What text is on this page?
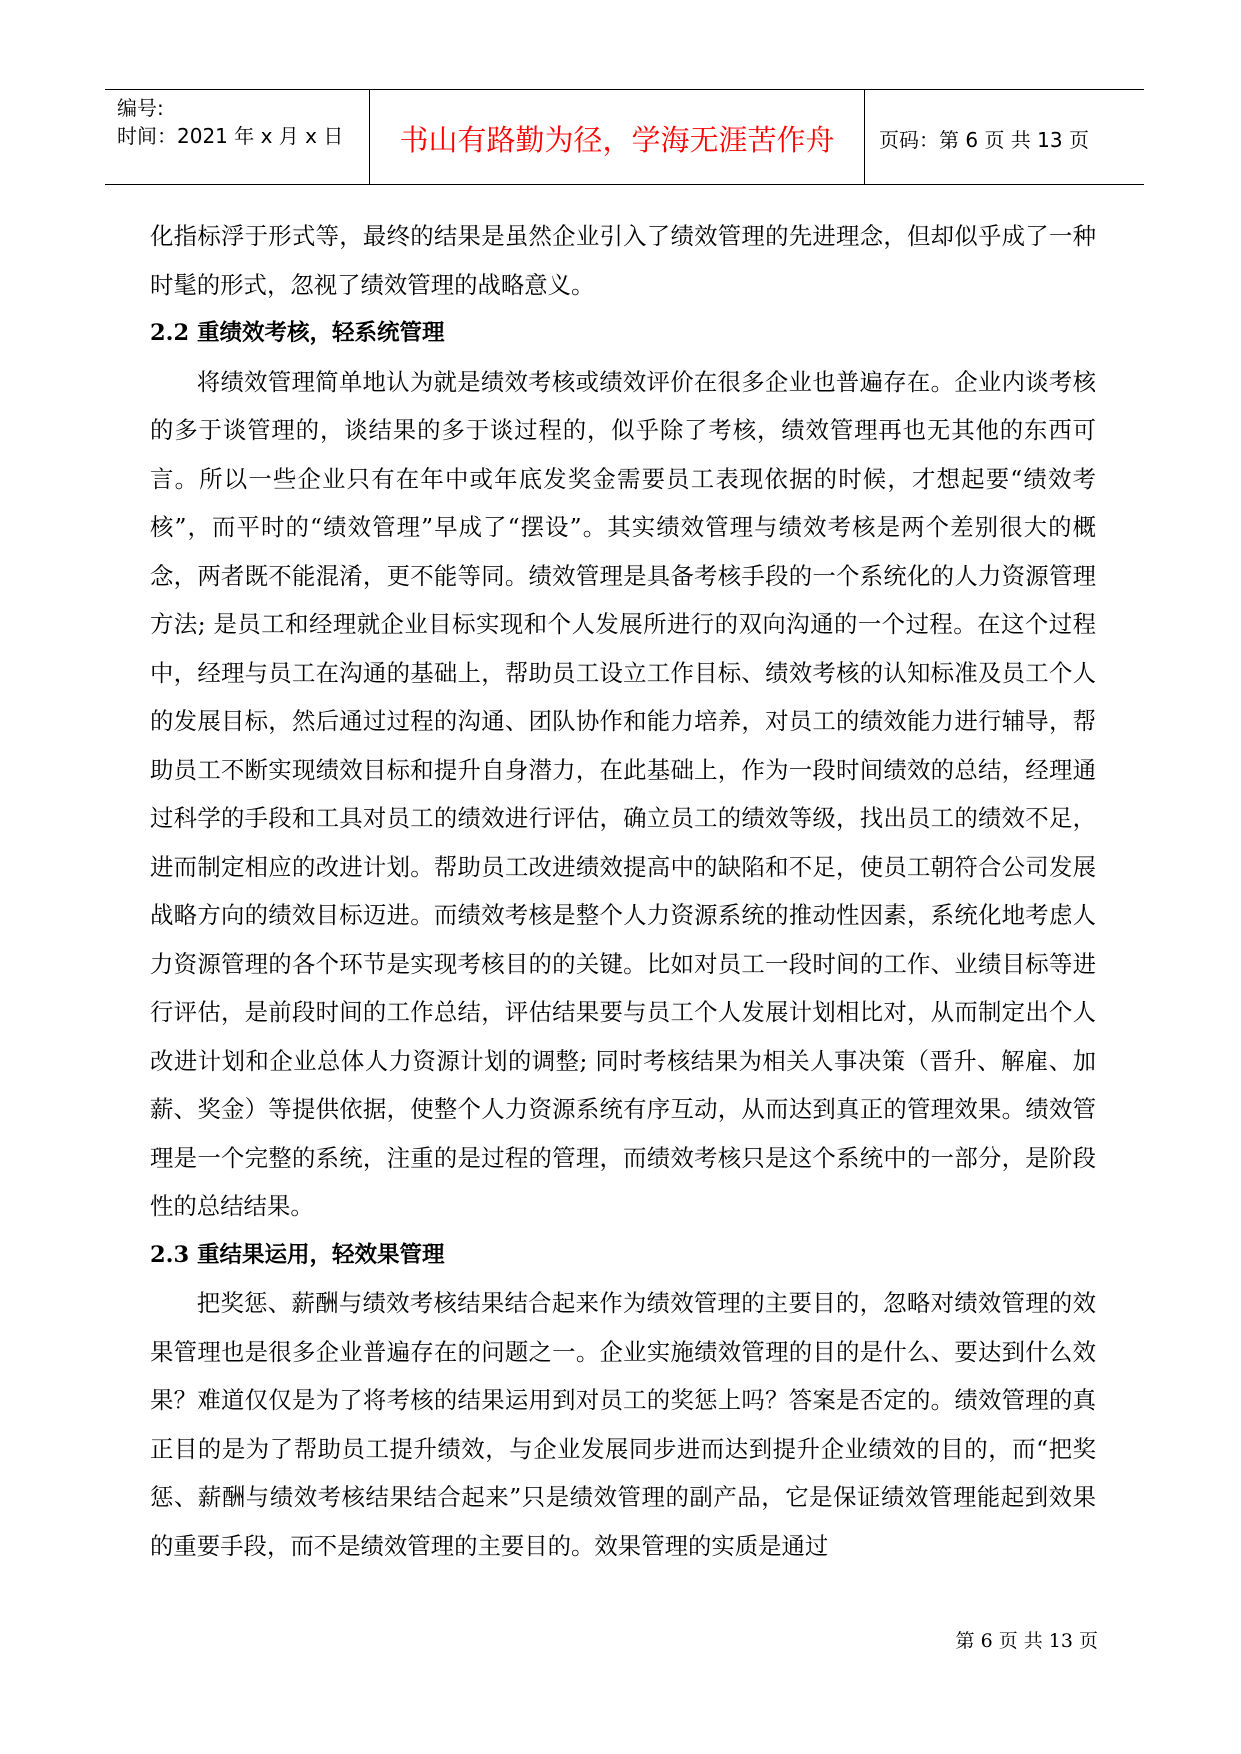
编号:
时间：2021 年 x 月 x 日	书山有路勤为径，学海无涯苦作舟	页码：第 6 页 共 13 页

化指标浮于形式等，最终的结果是虽然企业引入了绩效管理的先进理念，但却似乎成了一种时髦的形式，忽视了绩效管理的战略意义。

2.2 重绩效考核，轻系统管理

将绩效管理简单地认为就是绩效考核或绩效评价在很多企业也普遍存在。企业内谈考核的多于谈管理的，谈结果的多于谈过程的，似乎除了考核，绩效管理再也无其他的东西可言。所以一些企业只有在年中或年底发奖金需要员工表现依据的时候，才想起要“绩效考核”，而平时的“绩效管理”早成了“摆设”。其实绩效管理与绩效考核是两个差别很大的概念，两者既不能混淆，更不能等同。绩效管理是具备考核手段的一个系统化的人力资源管理方法; 是员工和经理就企业目标实现和个人发展所进行的双向沟通的一个过程。在这个过程中，经理与员工在沟通的基础上，帮助员工设立工作目标、绩效考核的认知标准及员工个人的发展目标，然后通过过程的沟通、团队协作和能力培养，对员工的绩效能力进行辅导，帮助员工不断实现绩效目标和提升自身潜力，在此基础上，作为一段时间绩效的总结，经理通过科学的手段和工具对员工的绩效进行评估，确立员工的绩效等级，找出员工的绩效不足，进而制定相应的改进计划。帮助员工改进绩效提高中的缺陷和不足，使员工朝符合公司发展战略方向的绩效目标迈进。而绩效考核是整个人力资源系统的推动性因素，系统化地考虑人力资源管理的各个环节是实现考核目的的关键。比如对员工一段时间的工作、业绩目标等进行评估，是前段时间的工作总结，评估结果要与员工个人发展计划相比对，从而制定出个人改进计划和企业总体人力资源计划的调整; 同时考核结果为相关人事决策（晋升、解雇、加薪、奖金）等提供依据，使整个人力资源系统有序互动，从而达到真正的管理效果。绩效管理是一个完整的系统，注重的是过程的管理，而绩效考核只是这个系统中的一部分，是阶段性的总结结果。

2.3 重结果运用，轻效果管理

把奖惩、薪酬与绩效考核结果结合起来作为绩效管理的主要目的，忽略对绩效管理的效果管理也是很多企业普遍存在的问题之一。企业实施绩效管理的目的是什么、要达到什么效果？难道仅仅是为了将考核的结果运用到对员工的奖惩上吗？答案是否定的。绩效管理的真正目的是为了帮助员工提升绩效，与企业发展同步进而达到提升企业绩效的目的，而“把奖惩、薪酬与绩效考核结果结合起来”只是绩效管理的副产品，它是保证绩效管理能起到效果的重要手段，而不是绩效管理的主要目的。效果管理的实质是通过

第 6 页 共 13 页
